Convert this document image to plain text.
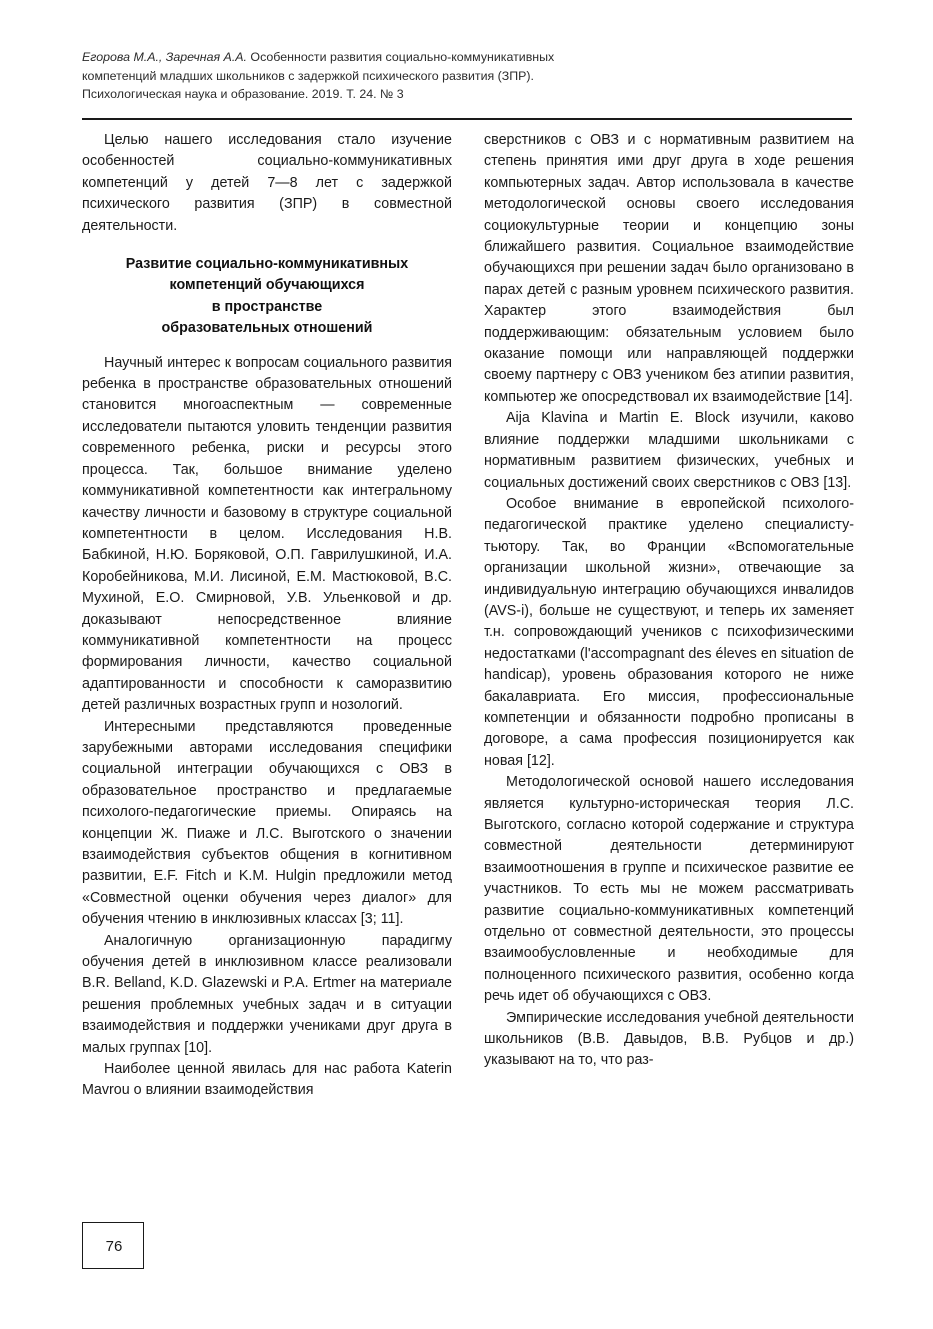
Егорова М.А., Заречная А.А. Особенности развития социально-коммуникативных
компетенций младших школьников с задержкой психического развития (ЗПР).
Психологическая наука и образование. 2019. Т. 24. № 3

Целью нашего исследования стало изучение особенностей социально-коммуникативных компетенций у детей 7—8 лет с задержкой психического развития (ЗПР) в совместной деятельности.

Развитие социально-коммуникативных
компетенций обучающихся
в пространстве
образовательных отношений

Научный интерес к вопросам социального развития ребенка в пространстве образовательных отношений становится многоаспектным — современные исследователи пытаются уловить тенденции развития современного ребенка, риски и ресурсы этого процесса. Так, большое внимание уделено коммуникативной компетентности как интегральному качеству личности и базовому в структуре социальной компетентности в целом. Исследования Н.В. Бабкиной, Н.Ю. Боряковой, О.П. Гаврилушкиной, И.А. Коробейникова, М.И. Лисиной, Е.М. Мастюковой, В.С. Мухиной, Е.О. Смирновой, У.В. Ульенковой и др. доказывают непосредственное влияние коммуникативной компетентности на процесс формирования личности, качество социальной адаптированности и способности к саморазвитию детей различных возрастных групп и нозологий.

Интересными представляются проведенные зарубежными авторами исследования специфики социальной интеграции обучающихся с ОВЗ в образовательное пространство и предлагаемые психолого-педагогические приемы. Опираясь на концепции Ж. Пиаже и Л.С. Выготского о значении взаимодействия субъектов общения в когнитивном развитии, E.F. Fitch и K.M. Hulgin предложили метод «Совместной оценки обучения через диалог» для обучения чтению в инклюзивных классах [3; 11].

Аналогичную организационную парадигму обучения детей в инклюзивном классе реализовали B.R. Belland, K.D. Glazewski и P.A. Ertmer на материале решения проблемных учебных задач и в ситуации взаимодействия и поддержки учениками друг друга в малых группах [10].

Наиболее ценной явилась для нас работа Katerin Mavrou о влиянии взаимодействия

сверстников с ОВЗ и с нормативным развитием на степень принятия ими друг друга в ходе решения компьютерных задач. Автор использовала в качестве методологической основы своего исследования социокультурные теории и концепцию зоны ближайшего развития. Социальное взаимодействие обучающихся при решении задач было организовано в парах детей с разным уровнем психического развития. Характер этого взаимодействия был поддерживающим: обязательным условием было оказание помощи или направляющей поддержки своему партнеру с ОВЗ учеником без атипии развития, компьютер же опосредствовал их взаимодействие [14].

Aija Klavina и Martin E. Block изучили, каково влияние поддержки младшими школьниками с нормативным развитием физических, учебных и социальных достижений своих сверстников с ОВЗ [13].

Особое внимание в европейской психолого-педагогической практике уделено специалисту-тьютору. Так, во Франции «Вспомогательные организации школьной жизни», отвечающие за индивидуальную интеграцию обучающихся инвалидов (AVS-i), больше не существуют, и теперь их заменяет т.н. сопровождающий учеников с психофизическими недостатками (l'accompagnant des éleves en situation de handicap), уровень образования которого не ниже бакалавриата. Его миссия, профессиональные компетенции и обязанности подробно прописаны в договоре, а сама профессия позиционируется как новая [12].

Методологической основой нашего исследования является культурно-историческая теория Л.С. Выготского, согласно которой содержание и структура совместной деятельности детерминируют взаимоотношения в группе и психическое развитие ее участников. То есть мы не можем рассматривать развитие социально-коммуникативных компетенций отдельно от совместной деятельности, это процессы взаимообусловленные и необходимые для полноценного психического развития, особенно когда речь идет об обучающихся с ОВЗ.

Эмпирические исследования учебной деятельности школьников (В.В. Давыдов, В.В. Рубцов и др.) указывают на то, что раз-

76
